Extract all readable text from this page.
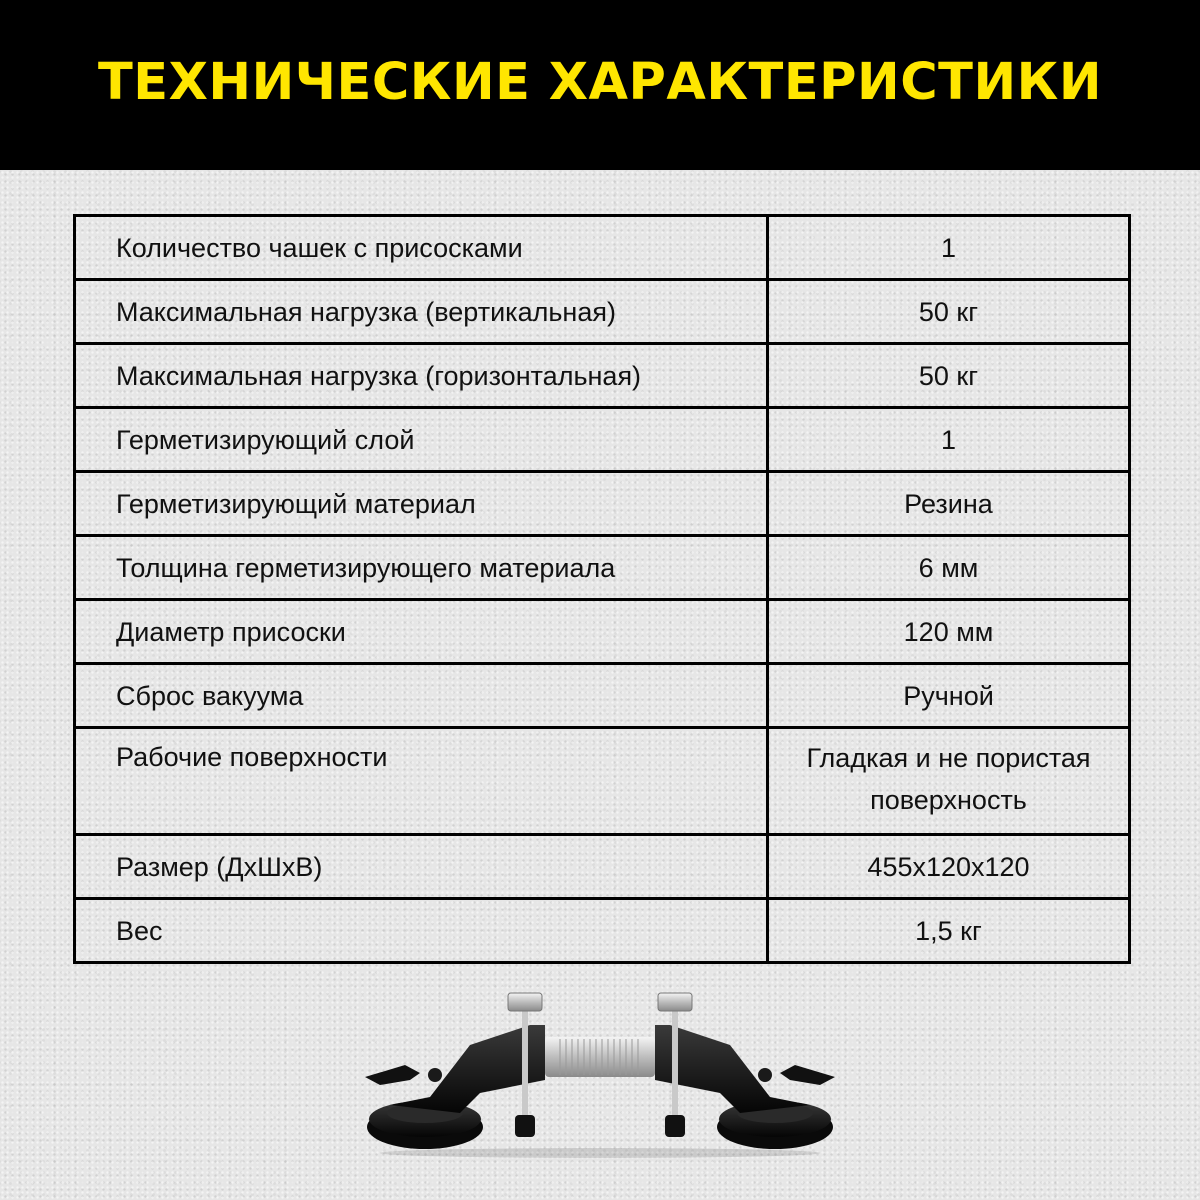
ТЕХНИЧЕСКИЕ ХАРАКТЕРИСТИКИ
Количество чашек с присосками	1
Максимальная нагрузка (вертикальная)	50 кг
Максимальная нагрузка (горизонтальная)	50 кг
Герметизирующий слой	1
Герметизирующий материал	Резина
Толщина герметизирующего материала	6 мм
Диаметр присоски	120 мм
Сброс вакуума	Ручной
Рабочие поверхности	Гладкая и не пористая поверхность
Размер (ДхШхВ)	455х120х120
Вес	1,5 кг
